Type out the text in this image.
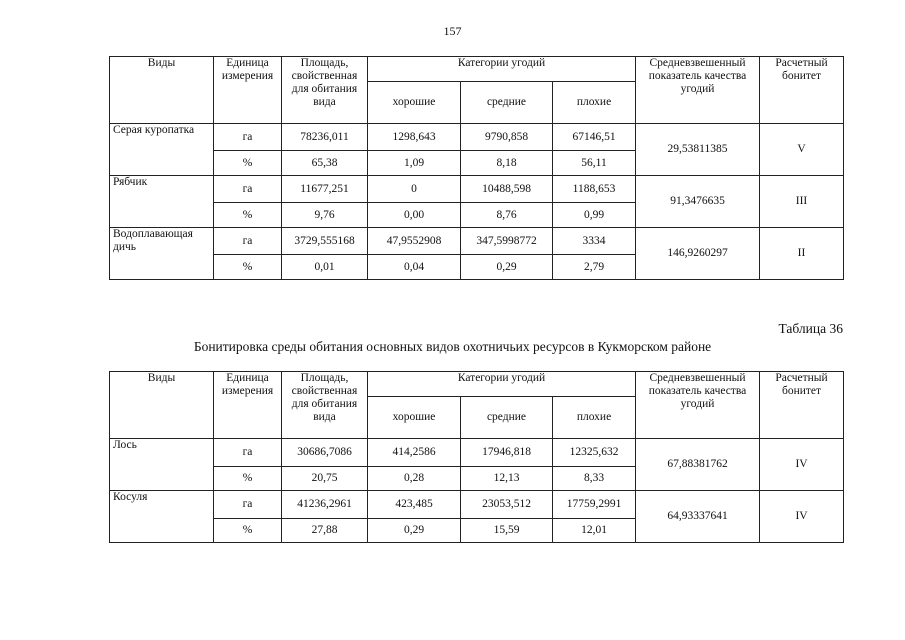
157
Виды	Единица измерения	Площадь, свойственная для обитания вида	Категории угодий			Средневзвешенный показатель качества угодий	Расчетный бонитет
			хорошие	средние	плохие		
Серая куропатка	га	78236,011	1298,643	9790,858	67146,51	29,53811385	V
	%	65,38	1,09	8,18	56,11		
Рябчик	га	11677,251	0	10488,598	1188,653	91,3476635	III
	%	9,76	0,00	8,76	0,99		
Водоплавающая дичь	га	3729,555168	47,9552908	347,5998772	3334	146,9260297	II
	%	0,01	0,04	0,29	2,79		
Таблица 36
Бонитировка среды обитания основных видов охотничьих ресурсов в Кукморском районе
Виды	Единица измерения	Площадь, свойственная для обитания вида	Категории угодий			Средневзвешенный показатель качества угодий	Расчетный бонитет
			хорошие	средние	плохие		
Лось	га	30686,7086	414,2586	17946,818	12325,632	67,88381762	IV
	%	20,75	0,28	12,13	8,33		
Косуля	га	41236,2961	423,485	23053,512	17759,2991	64,93337641	IV
	%	27,88	0,29	15,59	12,01		
